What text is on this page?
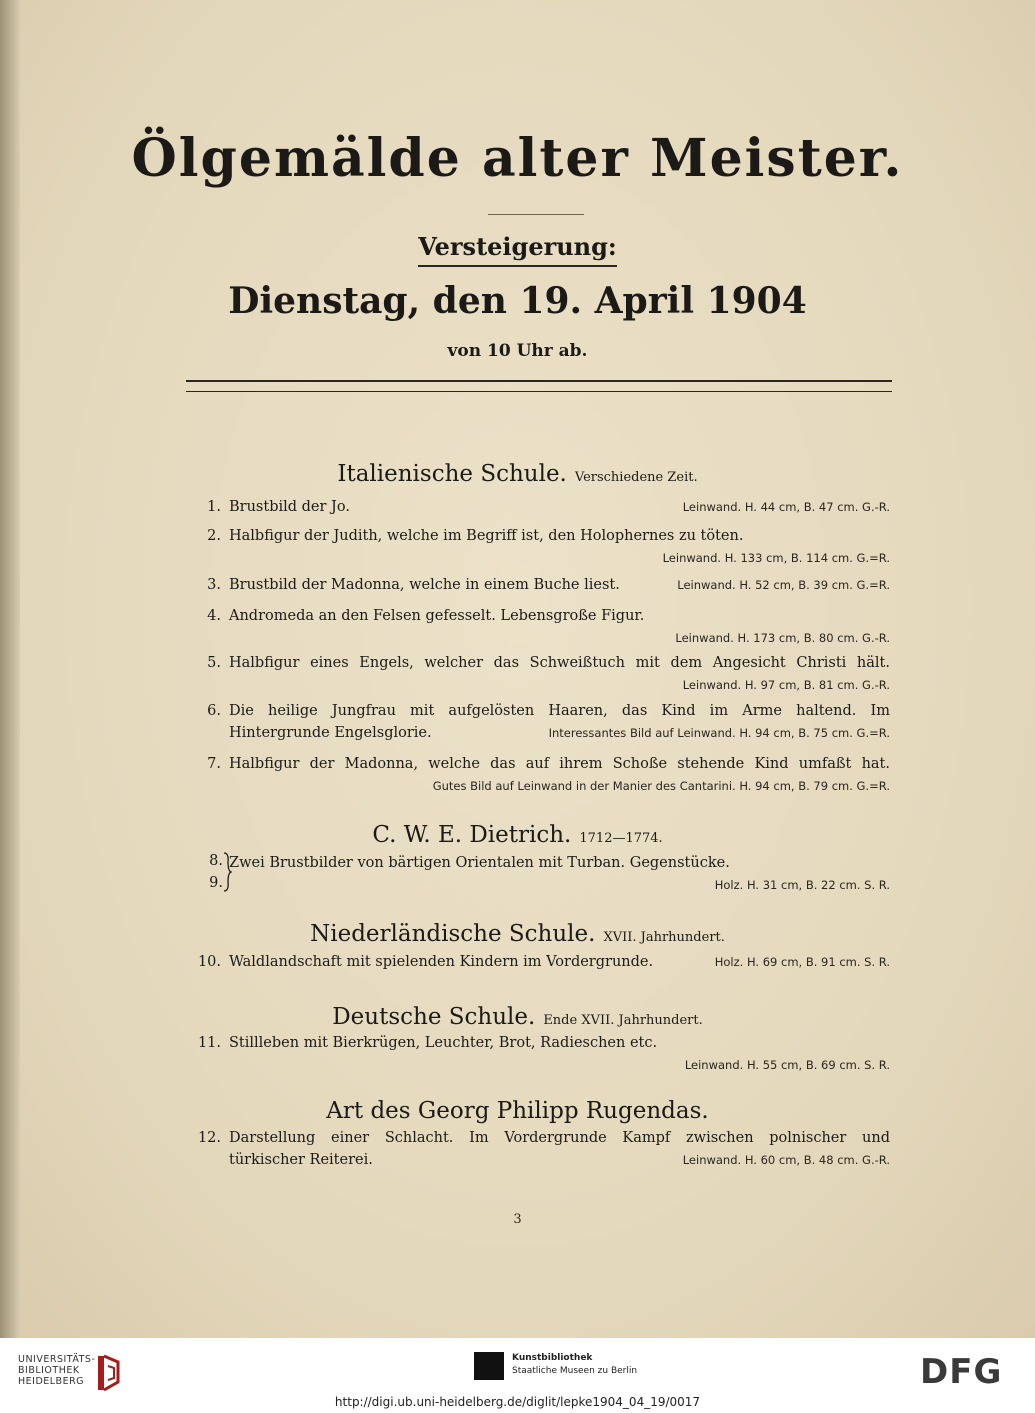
Ölgemälde alter Meister.
Versteigerung:
Dienstag, den 19. April 1904
von 10 Uhr ab.
Italienische Schule. Verschiedene Zeit.
1. Brustbild der Jo.	Leinwand. H. 44 cm, B. 47 cm. G.-R.
2. Halbfigur der Judith, welche im Begriff ist, den Holophernes zu töten.
Leinwand. H. 133 cm, B. 114 cm. G.=R.
3. Brustbild der Madonna, welche in einem Buche liest.	Leinwand. H. 52 cm, B. 39 cm. G.=R.
4. Andromeda an den Felsen gefesselt. Lebensgroße Figur.
Leinwand. H. 173 cm, B. 80 cm. G.-R.
5. Halbfigur eines Engels, welcher das Schweißtuch mit dem Angesicht Christi hält.
Leinwand. H. 97 cm, B. 81 cm. G.-R.
6. Die heilige Jungfrau mit aufgelösten Haaren, das Kind im Arme haltend. Im
Hintergrunde Engelsglorie.	Interessantes Bild auf Leinwand. H. 94 cm, B. 75 cm. G.=R.
7. Halbfigur der Madonna, welche das auf ihrem Schoße stehende Kind umfaßt hat.
Gutes Bild auf Leinwand in der Manier des Cantarini. H. 94 cm, B. 79 cm. G.=R.
C. W. E. Dietrich. 1712—1774.
8.
9.
Zwei Brustbilder von bärtigen Orientalen mit Turban. Gegenstücke.
Holz. H. 31 cm, B. 22 cm. S. R.
Niederländische Schule. XVII. Jahrhundert.
10. Waldlandschaft mit spielenden Kindern im Vordergrunde.	Holz. H. 69 cm, B. 91 cm. S. R.
Deutsche Schule. Ende XVII. Jahrhundert.
11. Stillleben mit Bierkrügen, Leuchter, Brot, Radieschen etc.
Leinwand. H. 55 cm, B. 69 cm. S. R.
Art des Georg Philipp Rugendas.
12. Darstellung einer Schlacht. Im Vordergrunde Kampf zwischen polnischer und
türkischer Reiterei.	Leinwand. H. 60 cm, B. 48 cm. G.-R.
3
UNIVERSITÄTS-
BIBLIOTHEK
HEIDELBERG
Kunstbibliothek
Staatliche Museen zu Berlin	DFG
http://digi.ub.uni-heidelberg.de/diglit/lepke1904_04_19/0017
